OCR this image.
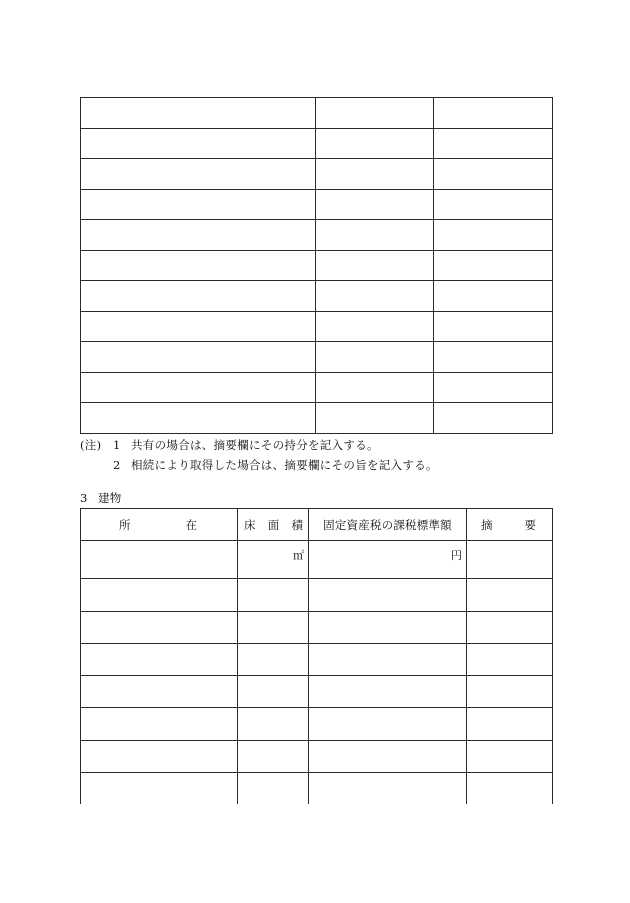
(注) 1 共有の場合は、摘要欄にその持分を記入する。
2 相続により取得した場合は、摘要欄にその旨を記入する。
3 建物
所 在	床 面 積	固定資産税の課税標準額	摘 要

	㎡	円	
